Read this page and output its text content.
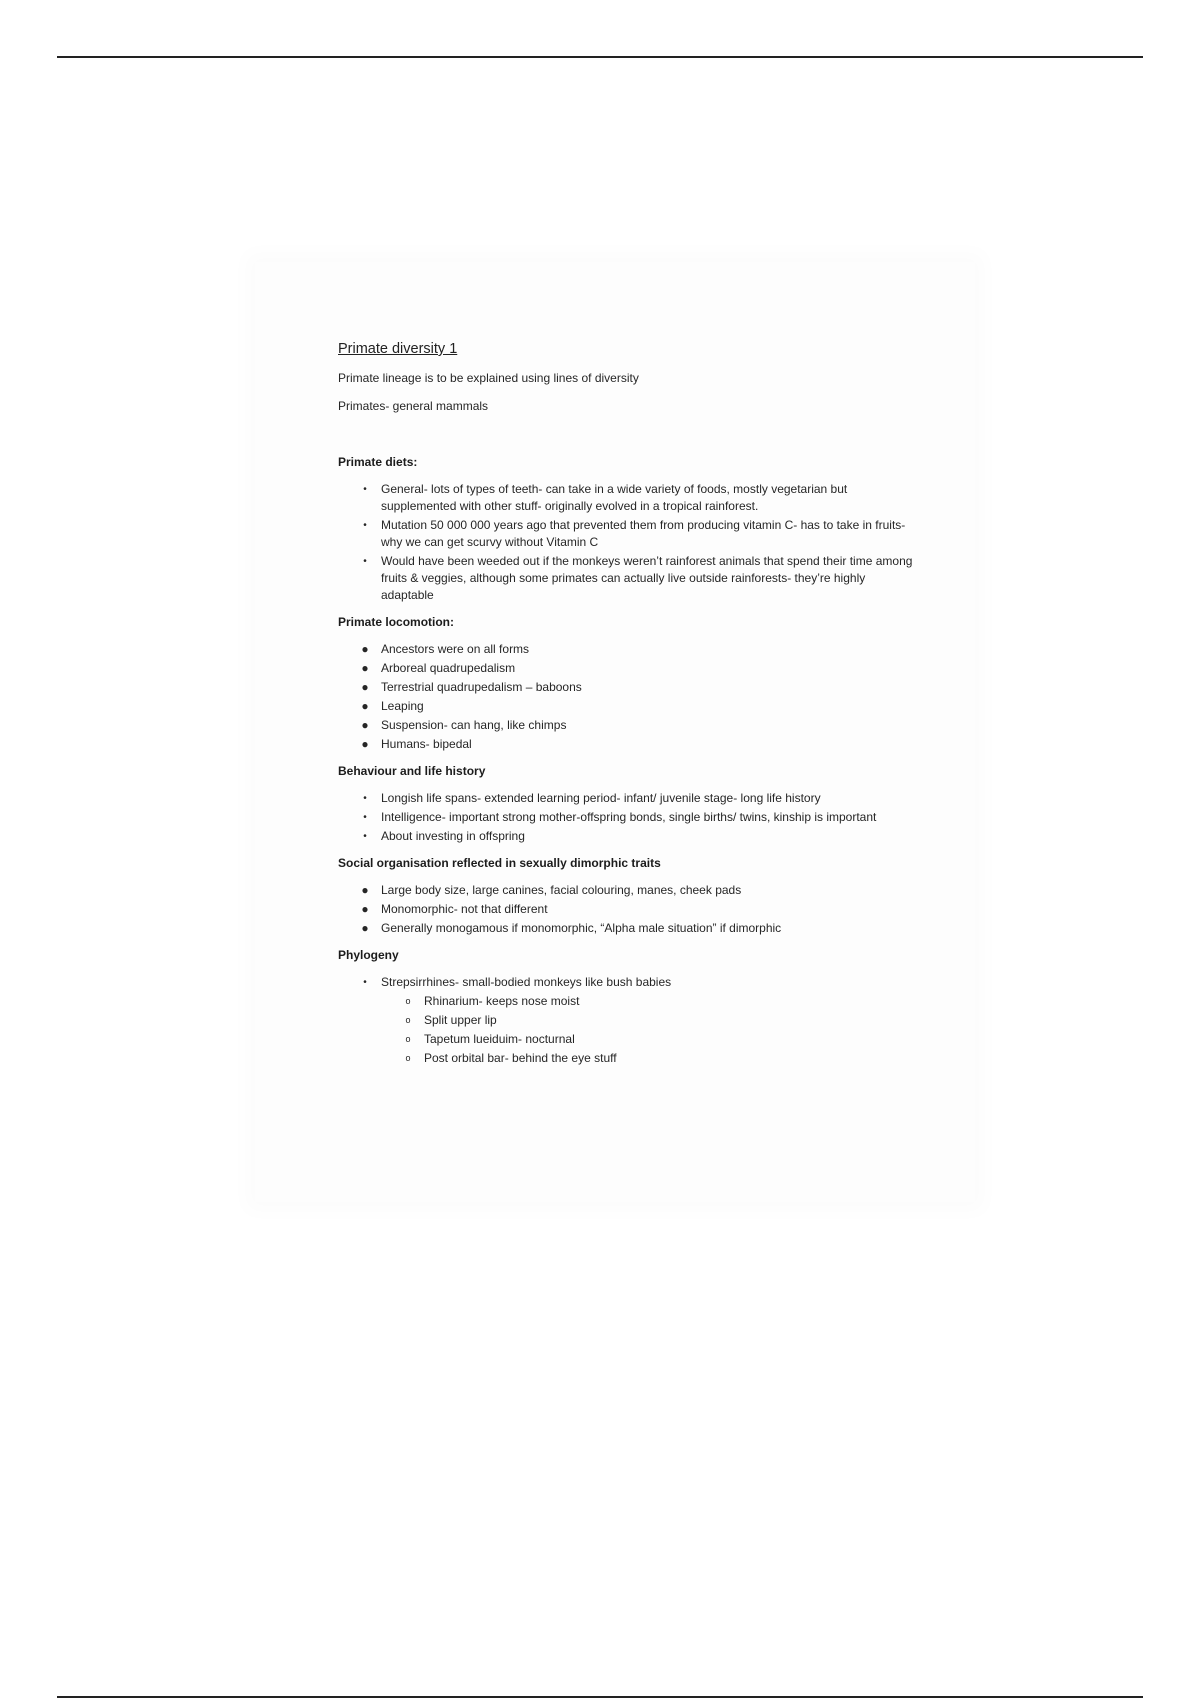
Primate diversity 1
Primate lineage is to be explained using lines of diversity
Primates- general mammals
Primate diets:
•	General- lots of types of teeth- can take in a wide variety of foods, mostly vegetarian but supplemented with other stuff- originally evolved in a tropical rainforest.
•	Mutation 50 000 000 years ago that prevented them from producing vitamin C- has to take in fruits- why we can get scurvy without Vitamin C
•	Would have been weeded out if the monkeys weren’t rainforest animals that spend their time among fruits & veggies, although some primates can actually live outside rainforests- they’re highly adaptable
Primate locomotion:
● Ancestors were on all forms
● Arboreal quadrupedalism
● Terrestrial quadrupedalism – baboons
● Leaping
● Suspension- can hang, like chimps
● Humans- bipedal
Behaviour and life history
•	Longish life spans- extended learning period- infant/ juvenile stage- long life history
•	Intelligence- important strong mother-offspring bonds, single births/ twins, kinship is important
•	About investing in offspring
Social organisation reflected in sexually dimorphic traits
● Large body size, large canines, facial colouring, manes, cheek pads
● Monomorphic- not that different
● Generally monogamous if monomorphic, “Alpha male situation” if dimorphic
Phylogeny
•	Strepsirrhines- small-bodied monkeys like bush babies
o	Rhinarium- keeps nose moist
o	Split upper lip
o	Tapetum lueiduim- nocturnal
o	Post orbital bar- behind the eye stuff
